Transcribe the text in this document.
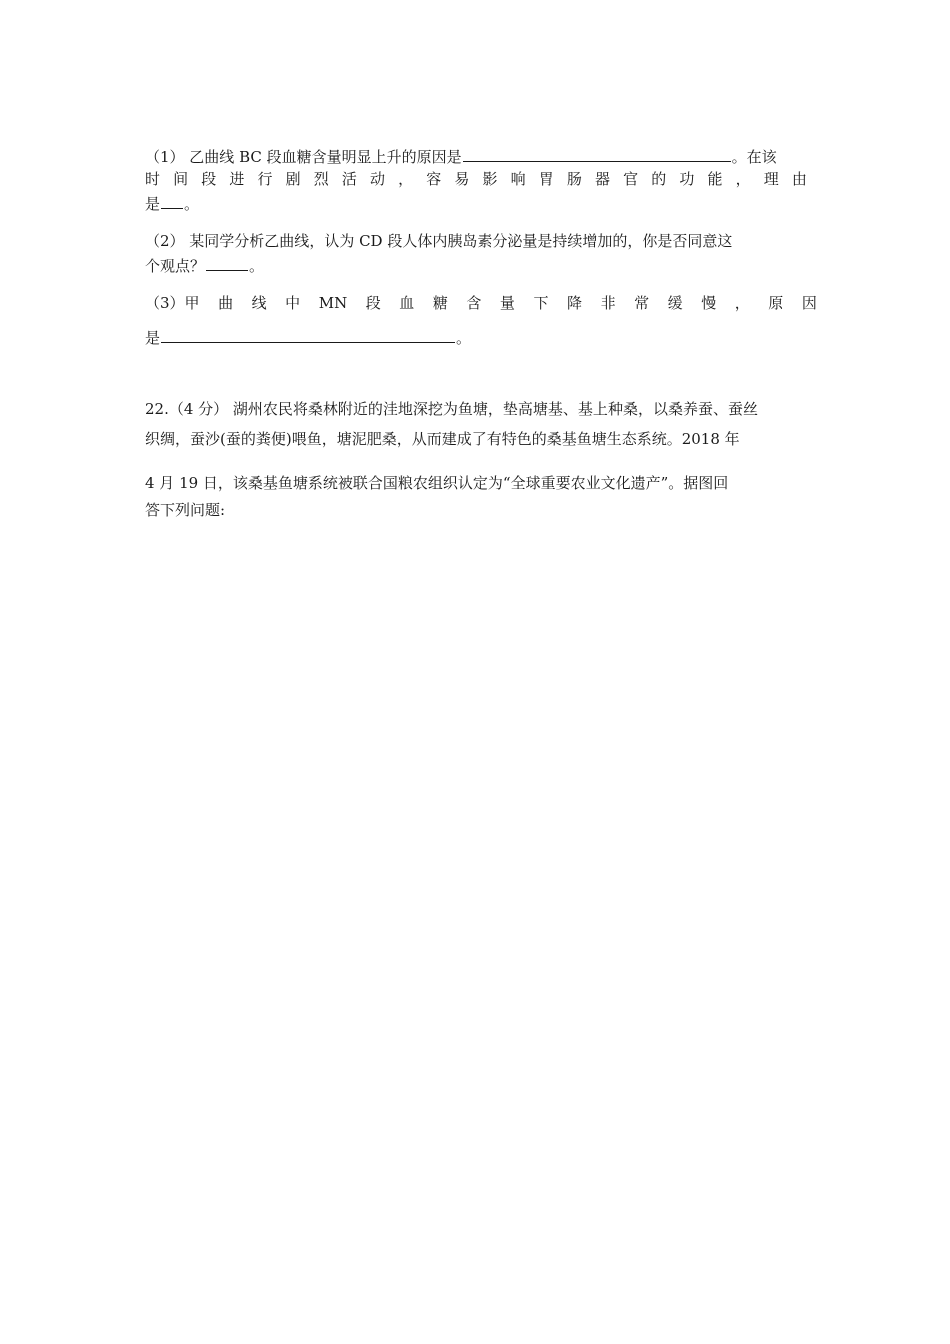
（1） 乙曲线 BC 段血糖含量明显上升的原因是	。在该
时 间 段 进 行 剧 烈 活 动 ， 容 易 影 响 胃 肠 器 官 的 功 能 ， 理 由
是 。
（2） 某同学分析乙曲线，认为 CD 段人体内胰岛素分泌量是持续增加的，你是否同意这
个观点？	。
（3）甲 曲 线 中 MN 段 血 糖 含 量 下 降 非 常 缓 慢 ， 原 因
是	。
22.（4 分） 湖州农民将桑林附近的洼地深挖为鱼塘，垫高塘基、基上种桑，以桑养蚕、蚕丝
织绸，蚕沙(蚕的粪便)喂鱼，塘泥肥桑，从而建成了有特色的桑基鱼塘生态系统。2018 年
4 月 19 日，该桑基鱼塘系统被联合国粮农组织认定为“全球重要农业文化遗产”。据图回
答下列问题:
